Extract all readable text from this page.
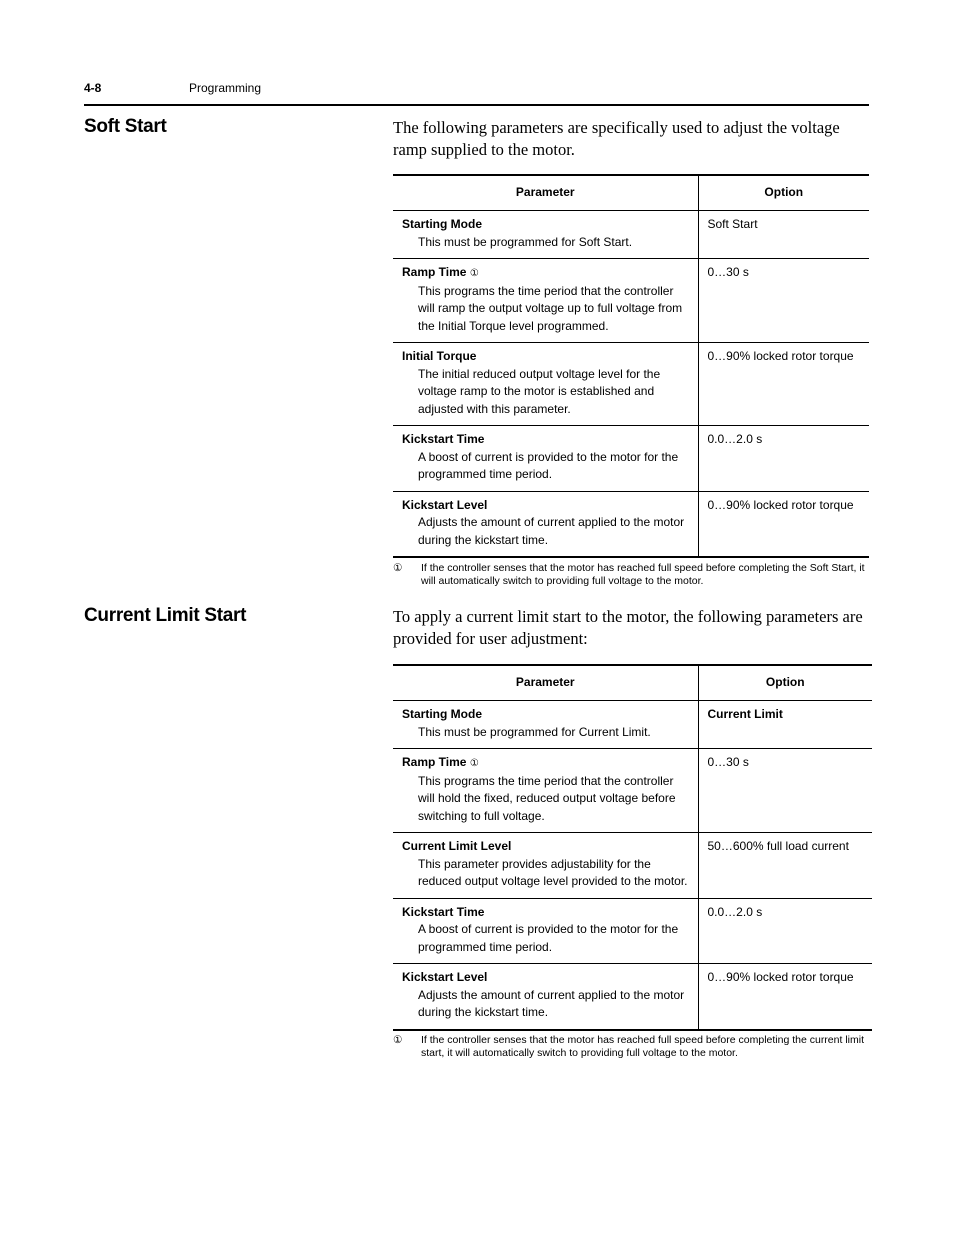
4-8	Programming
Soft Start	The following parameters are specifically used to adjust the voltage ramp supplied to the motor.
Parameter	Option

Starting Mode
This must be programmed for Soft Start.	Soft Start

Ramp Time ①
This programs the time period that the controller will ramp the output voltage up to full voltage from the Initial Torque level programmed.	0…30 s

Initial Torque
The initial reduced output voltage level for the voltage ramp to the motor is established and adjusted with this parameter.	0…90% locked rotor torque

Kickstart Time
A boost of current is provided to the motor for the programmed time period.	0.0…2.0 s

Kickstart Level
Adjusts the amount of current applied to the motor during the kickstart time.	0…90% locked rotor torque
① If the controller senses that the motor has reached full speed before completing the Soft Start, it will automatically switch to providing full voltage to the motor.
Current Limit Start	To apply a current limit start to the motor, the following parameters are provided for user adjustment:
Parameter	Option

Starting Mode
This must be programmed for Current Limit.	Current Limit

Ramp Time ①
This programs the time period that the controller will hold the fixed, reduced output voltage before switching to full voltage.	0…30 s

Current Limit Level
This parameter provides adjustability for the reduced output voltage level provided to the motor.	50…600% full load current

Kickstart Time
A boost of current is provided to the motor for the programmed time period.	0.0…2.0 s

Kickstart Level
Adjusts the amount of current applied to the motor during the kickstart time.	0…90% locked rotor torque
① If the controller senses that the motor has reached full speed before completing the current limit start, it will automatically switch to providing full voltage to the motor.
